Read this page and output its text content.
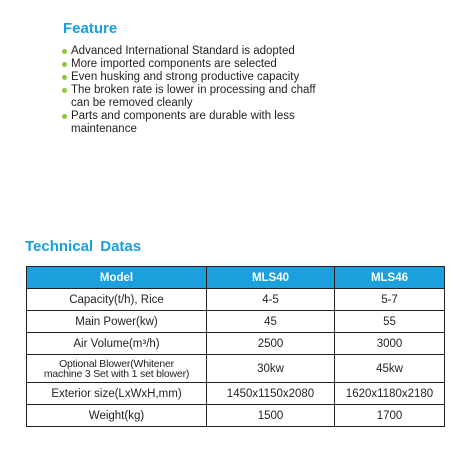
Feature
Advanced International Standard is adopted
More imported components are selected
Even husking and strong productive capacity
The broken rate is lower in processing and chaff
can be removed cleanly
Parts and components are durable with less
maintenance
Technical Datas
Model	MLS40	MLS46
Capacity(t/h), Rice	4-5	5-7
Main Power(kw)	45	55
Air Volume(m³/h)	2500	3000
Optional Blower(Whitener
machine 3 Set with 1 set blower)	30kw	45kw
Exterior size(LxWxH,mm)	1450x1150x2080	1620x1180x2180
Weight(kg)	1500	1700
